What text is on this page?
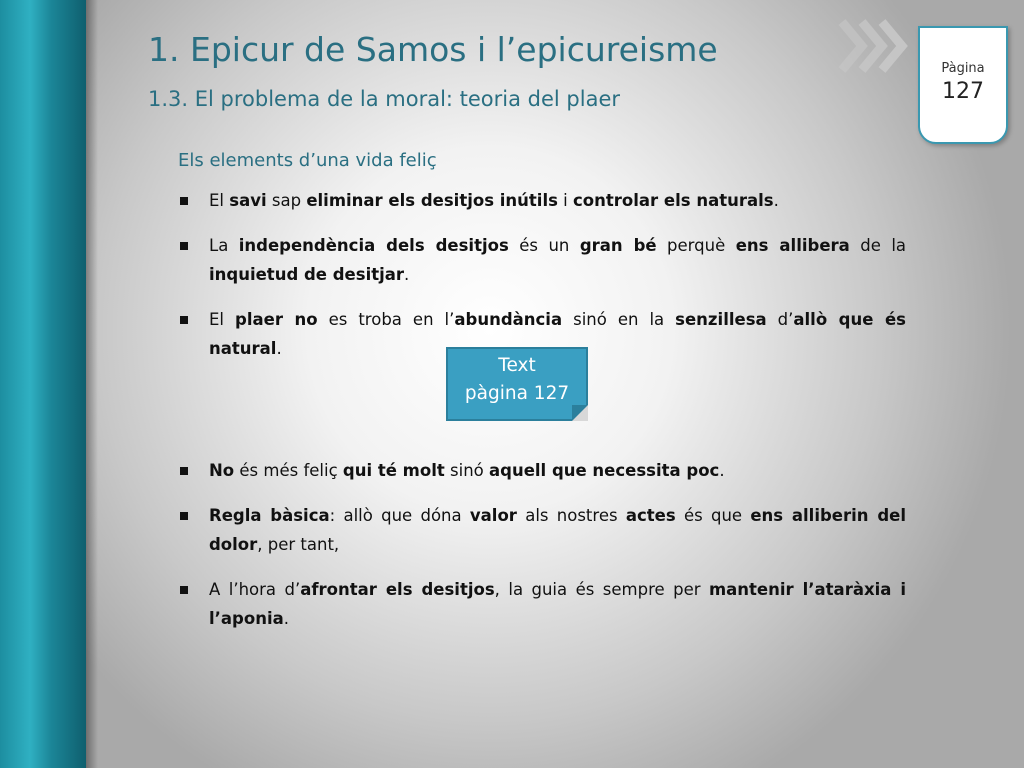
1. Epicur de Samos i l’epicureisme
1.3. El problema de la moral: teoria del plaer
Pàgina
127
Els elements d’una vida feliç
El savi sap eliminar els desitjos inútils i controlar els naturals.
La independència dels desitjos és un gran bé perquè ens allibera de la inquietud de desitjar.
El plaer no es troba en l’abundància sinó en la senzillesa d’allò que és natural.
Text
pàgina 127
No és més feliç qui té molt sinó aquell que necessita poc.
Regla bàsica: allò que dóna valor als nostres actes és que ens alliberin del dolor, per tant,
A l’hora d’afrontar els desitjos, la guia és sempre per mantenir l’ataràxia i l’aponia.
